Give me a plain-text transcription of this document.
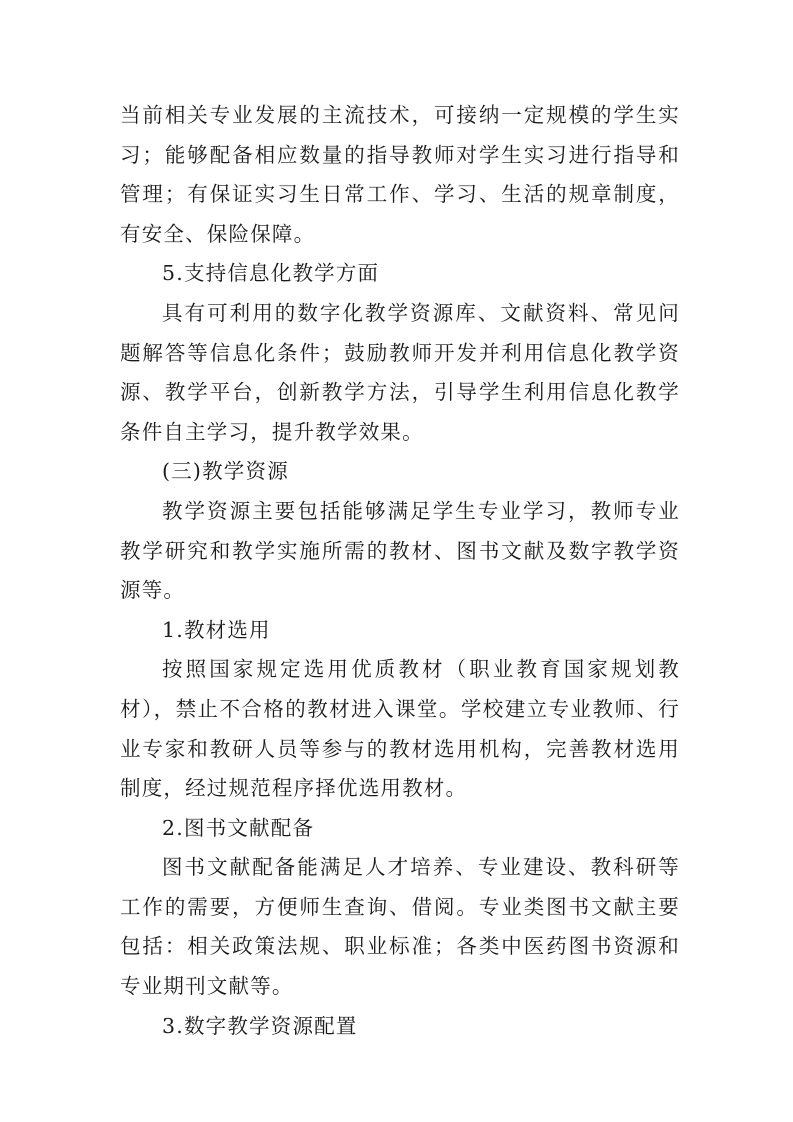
当前相关专业发展的主流技术，可接纳一定规模的学生实习；能够配备相应数量的指导教师对学生实习进行指导和管理；有保证实习生日常工作、学习、生活的规章制度，有安全、保险保障。

5.支持信息化教学方面

具有可利用的数字化教学资源库、文献资料、常见问题解答等信息化条件；鼓励教师开发并利用信息化教学资源、教学平台，创新教学方法，引导学生利用信息化教学条件自主学习，提升教学效果。

(三)教学资源

教学资源主要包括能够满足学生专业学习，教师专业教学研究和教学实施所需的教材、图书文献及数字教学资源等。

1.教材选用

按照国家规定选用优质教材（职业教育国家规划教材），禁止不合格的教材进入课堂。学校建立专业教师、行业专家和教研人员等参与的教材选用机构，完善教材选用制度，经过规范程序择优选用教材。

2.图书文献配备

图书文献配备能满足人才培养、专业建设、教科研等工作的需要，方便师生查询、借阅。专业类图书文献主要包括：相关政策法规、职业标准；各类中医药图书资源和专业期刊文献等。

3.数字教学资源配置
